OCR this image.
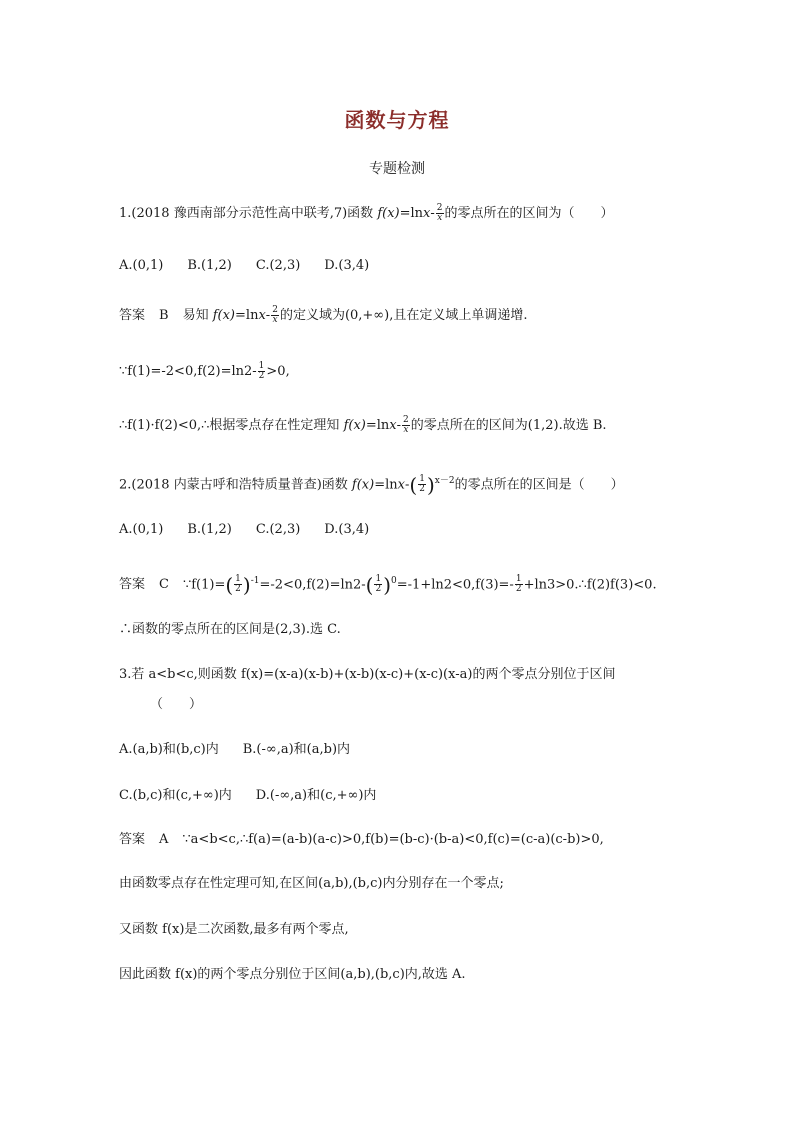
函数与方程
专题检测
1.(2018 豫西南部分示范性高中联考,7)函数 $f(x)=\ln x- \frac{2}{x}$ 的零点所在的区间为（　　）
A.(0,1) B.(1,2) C.(2,3) D.(3,4)
答案 B 易知 $f(x)=\ln x- \frac{2}{x}$ 的定义域为(0,+∞),且在定义域上单调递增.
∵f(1)=-2<0,f(2)=ln2- $\frac{1}{2} >0$,
∴f(1)·f(2)<0,∴根据零点存在性定理知 $f(x)=\ln x- \frac{2}{x}$ 的零点所在的区间为(1,2).故选 B.
2.(2018 内蒙古呼和浩特质量普查)函数 $f(x)=\ln x-( \frac{1}{2} )^{x-2}$的零点所在的区间是（　　）
A.(0,1) B.(1,2) C.(2,3) D.(3,4)
答案 C ∵f(1)=( $\frac{1}{2} )^{-1}=-2<0,f(2)=\ln 2-( \frac{1}{2} )^0=-1+\ln 2<0,f(3)=- \frac{1}{2}$ +ln3>0.∴f(2)f(3)<0.
∴函数的零点所在的区间是(2,3).选 C.
3.若 a<b<c,则函数 f(x)=(x-a)(x-b)+(x-b)(x-c)+(x-c)(x-a)的两个零点分别位于区间
（　　）
A.(a,b)和(b,c)内 B.(-∞,a)和(a,b)内
C.(b,c)和(c,+∞)内 D.(-∞,a)和(c,+∞)内
答案 A ∵a<b<c,∴f(a)=(a-b)(a-c)>0,f(b)=(b-c)·(b-a)<0,f(c)=(c-a)(c-b)>0,
由函数零点存在性定理可知,在区间(a,b),(b,c)内分别存在一个零点;
又函数 f(x)是二次函数,最多有两个零点,
因此函数 f(x)的两个零点分别位于区间(a,b),(b,c)内,故选 A.
